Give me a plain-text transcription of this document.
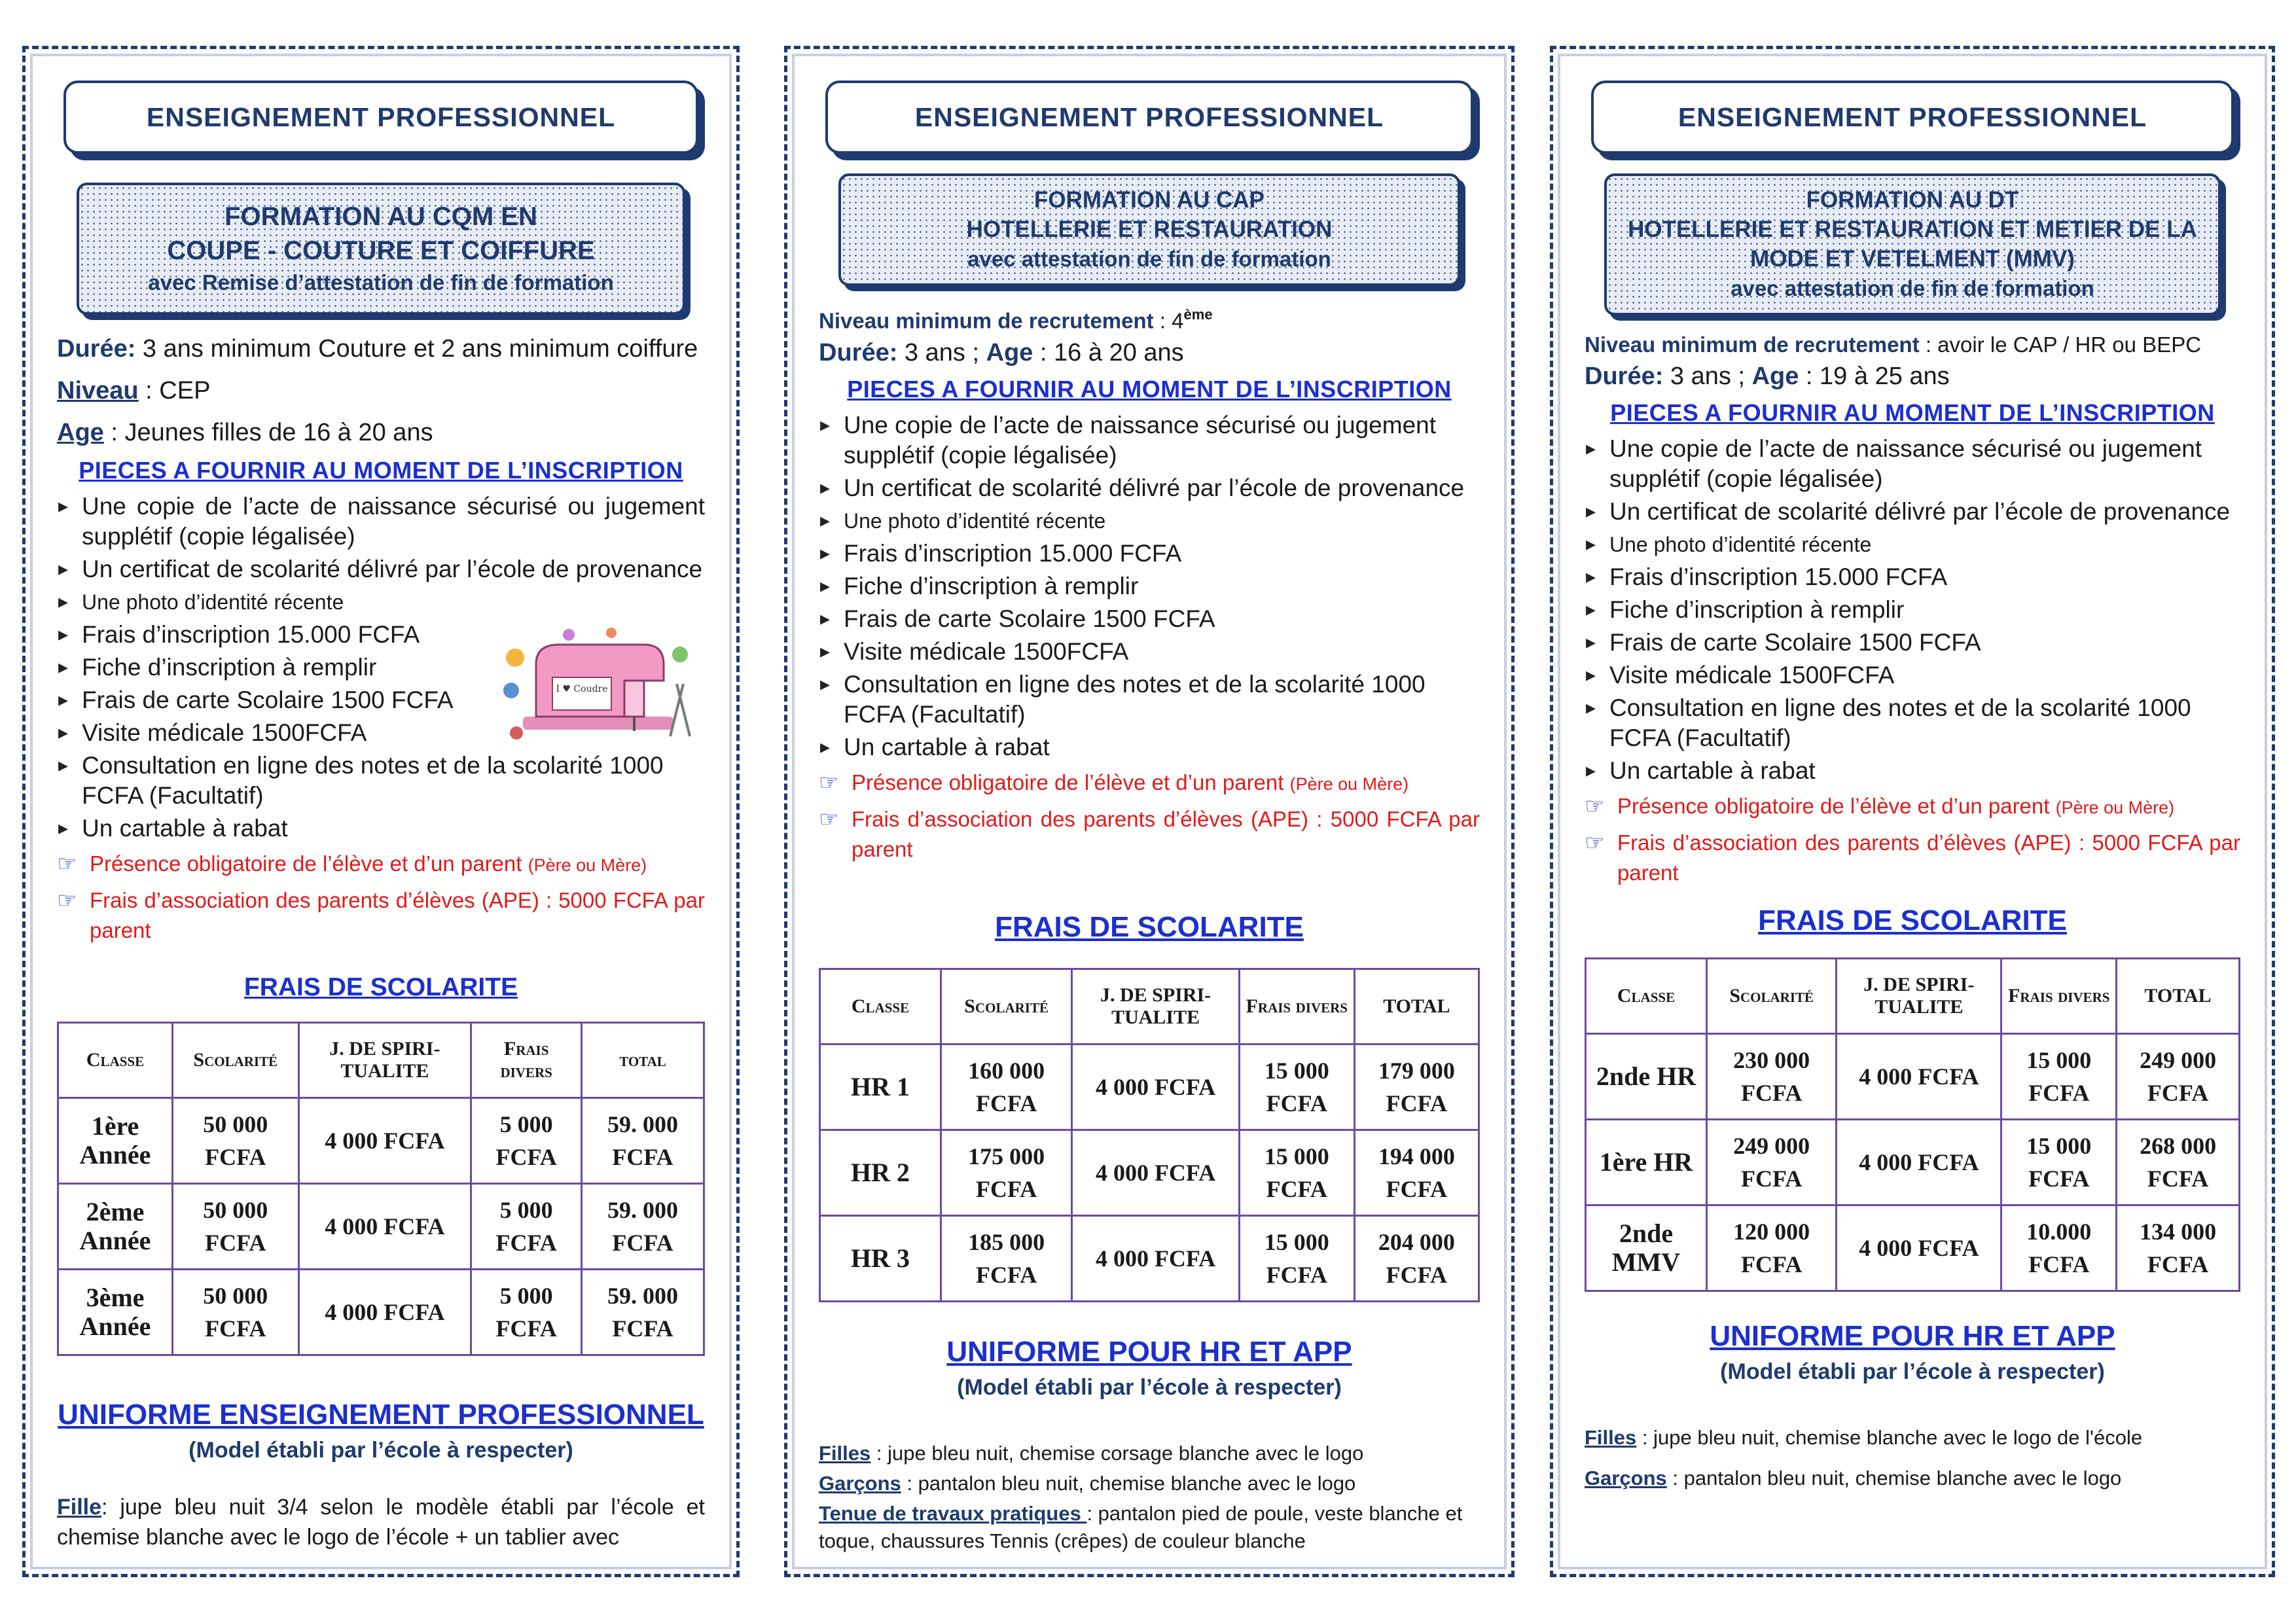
ENSEIGNEMENT PROFESSIONNEL
FORMATION AU CQM EN
COUPE - COUTURE ET COIFFURE
avec Remise d’attestation de fin de formation
Durée: 3 ans minimum Couture et 2 ans minimum coiffure
Niveau : CEP
Age : Jeunes filles de 16 à 20 ans
PIECES A FOURNIR AU MOMENT DE L’INSCRIPTION
▸ Une copie de l’acte de naissance sécurisé ou jugement supplétif (copie légalisée)
▸ Un certificat de scolarité délivré par l’école de provenance
▸ Une photo d’identité récente
▸ Frais d’inscription 15.000 FCFA
▸ Fiche d’inscription à remplir
▸ Frais de carte Scolaire 1500 FCFA
▸ Visite médicale 1500FCFA
▸ Consultation en ligne des notes et de la scolarité 1000 FCFA (Facultatif)
▸ Un cartable à rabat
☞ Présence obligatoire de l’élève et d’un parent (Père ou Mère)
☞ Frais d’association des parents d’élèves (APE) : 5000 FCFA par parent
I ♥ Coudre
FRAIS DE SCOLARITE
Classe	Scolarité	J. DE SPIRI-TUALITE	Frais divers	total
1ère Année	50 000 FCFA	4 000 FCFA	5 000 FCFA	59. 000 FCFA
2ème Année	50 000 FCFA	4 000 FCFA	5 000 FCFA	59. 000 FCFA
3ème Année	50 000 FCFA	4 000 FCFA	5 000 FCFA	59. 000 FCFA
UNIFORME ENSEIGNEMENT PROFESSIONNEL
(Model établi par l’école à respecter)
Fille: jupe bleu nuit 3/4 selon le modèle établi par l’école et chemise blanche avec le logo de l’école + un tablier avec
ENSEIGNEMENT PROFESSIONNEL
FORMATION AU CAP
HOTELLERIE ET RESTAURATION
avec attestation de fin de formation
Niveau minimum de recrutement : 4ème
Durée: 3 ans ; Age : 16 à 20 ans
PIECES A FOURNIR AU MOMENT DE L’INSCRIPTION
▸ Une copie de l’acte de naissance sécurisé ou jugement supplétif (copie légalisée)
▸ Un certificat de scolarité délivré par l’école de provenance
▸ Une photo d’identité récente
▸ Frais d’inscription 15.000 FCFA
▸ Fiche d’inscription à remplir
▸ Frais de carte Scolaire 1500 FCFA
▸ Visite médicale 1500FCFA
▸ Consultation en ligne des notes et de la scolarité 1000 FCFA (Facultatif)
▸ Un cartable à rabat
☞ Présence obligatoire de l’élève et d’un parent (Père ou Mère)
☞ Frais d’association des parents d’élèves (APE) : 5000 FCFA par parent
FRAIS DE SCOLARITE
Classe	Scolarité	J. DE SPIRI-TUALITE	Frais divers	TOTAL
HR 1	160 000 FCFA	4 000 FCFA	15 000 FCFA	179 000 FCFA
HR 2	175 000 FCFA	4 000 FCFA	15 000 FCFA	194 000 FCFA
HR 3	185 000 FCFA	4 000 FCFA	15 000 FCFA	204 000 FCFA
UNIFORME POUR HR ET APP
(Model établi par l’école à respecter)
Filles : jupe bleu nuit, chemise corsage blanche avec le logo
Garçons : pantalon bleu nuit, chemise blanche avec le logo
Tenue de travaux pratiques : pantalon pied de poule, veste blanche et toque, chaussures Tennis (crêpes) de couleur blanche
ENSEIGNEMENT PROFESSIONNEL
FORMATION AU DT
HOTELLERIE ET RESTAURATION ET METIER DE LA MODE ET VETELMENT (MMV)
avec attestation de fin de formation
Niveau minimum de recrutement : avoir le CAP / HR ou BEPC
Durée: 3 ans ; Age : 19 à 25 ans
PIECES A FOURNIR AU MOMENT DE L’INSCRIPTION
▸ Une copie de l’acte de naissance sécurisé ou jugement supplétif (copie légalisée)
▸ Un certificat de scolarité délivré par l’école de provenance
▸ Une photo d’identité récente
▸ Frais d’inscription 15.000 FCFA
▸ Fiche d’inscription à remplir
▸ Frais de carte Scolaire 1500 FCFA
▸ Visite médicale 1500FCFA
▸ Consultation en ligne des notes et de la scolarité 1000 FCFA (Facultatif)
▸ Un cartable à rabat
☞ Présence obligatoire de l’élève et d’un parent (Père ou Mère)
☞ Frais d’association des parents d’élèves (APE) : 5000 FCFA par parent
FRAIS DE SCOLARITE
Classe	Scolarité	J. DE SPIRI-TUALITE	Frais divers	TOTAL
2nde HR	230 000 FCFA	4 000 FCFA	15 000 FCFA	249 000 FCFA
1ère HR	249 000 FCFA	4 000 FCFA	15 000 FCFA	268 000 FCFA
2nde MMV	120 000 FCFA	4 000 FCFA	10.000 FCFA	134 000 FCFA
UNIFORME POUR HR ET APP
(Model établi par l’école à respecter)
Filles : jupe bleu nuit, chemise blanche avec le logo de l'école
Garçons : pantalon bleu nuit, chemise blanche avec le logo
